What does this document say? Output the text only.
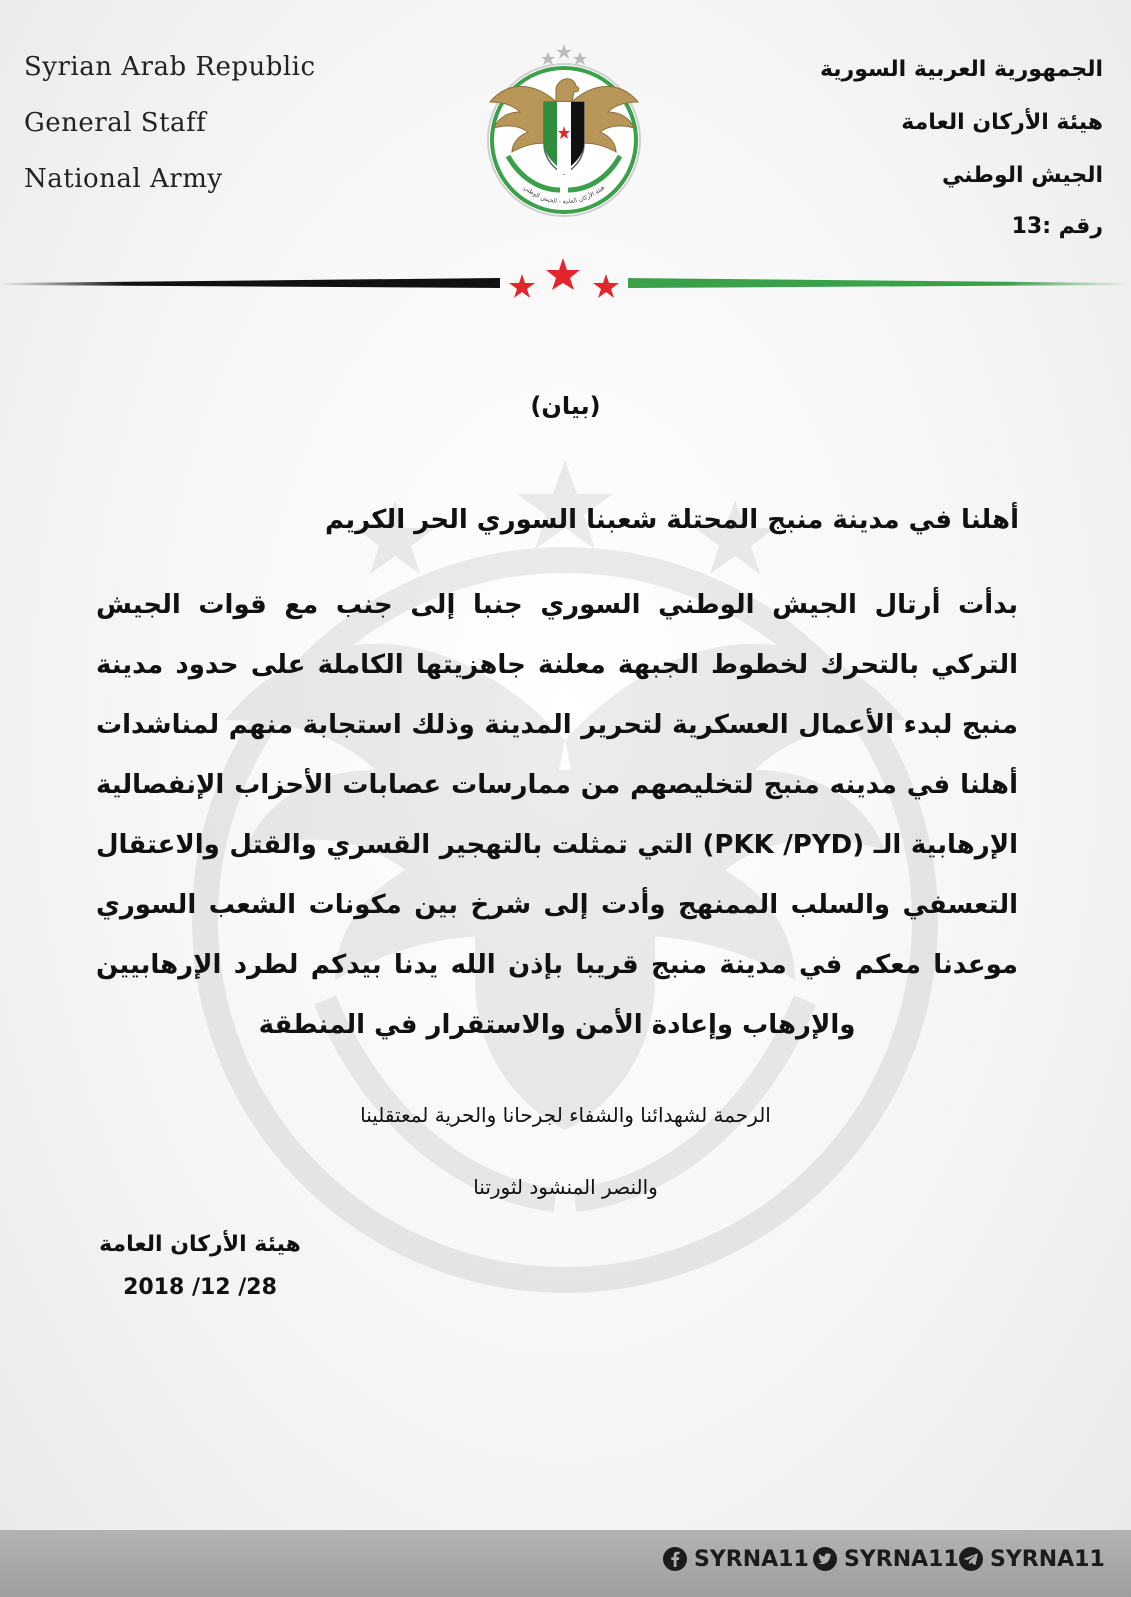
Syrian Arab Republic

General Staff

National Army

الجمهورية العربية السورية

هيئة الأركان العامة

الجيش الوطني

رقم :13

هيئة الأركان العامة - الجيش الوطني

(بيان)

أهلنا في مدينة منبج المحتلة شعبنا السوري الحر الكريم

بدأت أرتال الجيش الوطني السوري جنبا إلى جنب مع قوات الجيش التركي بالتحرك لخطوط الجبهة معلنة جاهزيتها الكاملة على حدود مدينة منبج لبدء الأعمال العسكرية لتحرير المدينة وذلك استجابة منهم لمناشدات أهلنا في مدينه منبج لتخليصهم من ممارسات عصابات الأحزاب الإنفصالية الإرهابية الـ (PKK /PYD) التي تمثلت بالتهجير القسري والقتل والاعتقال التعسفي والسلب الممنهج وأدت إلى شرخ بين مكونات الشعب السوري موعدنا معكم في مدينة منبج قريبا بإذن الله يدنا بيدكم لطرد الإرهابيين والإرهاب وإعادة الأمن والاستقرار في المنطقة

الرحمة لشهدائنا والشفاء لجرحانا والحرية لمعتقلينا

والنصر المنشود لثورتنا

هيئة الأركان العامة

2018 /12 /28

SYRNA11 SYRNA11 SYRNA11
